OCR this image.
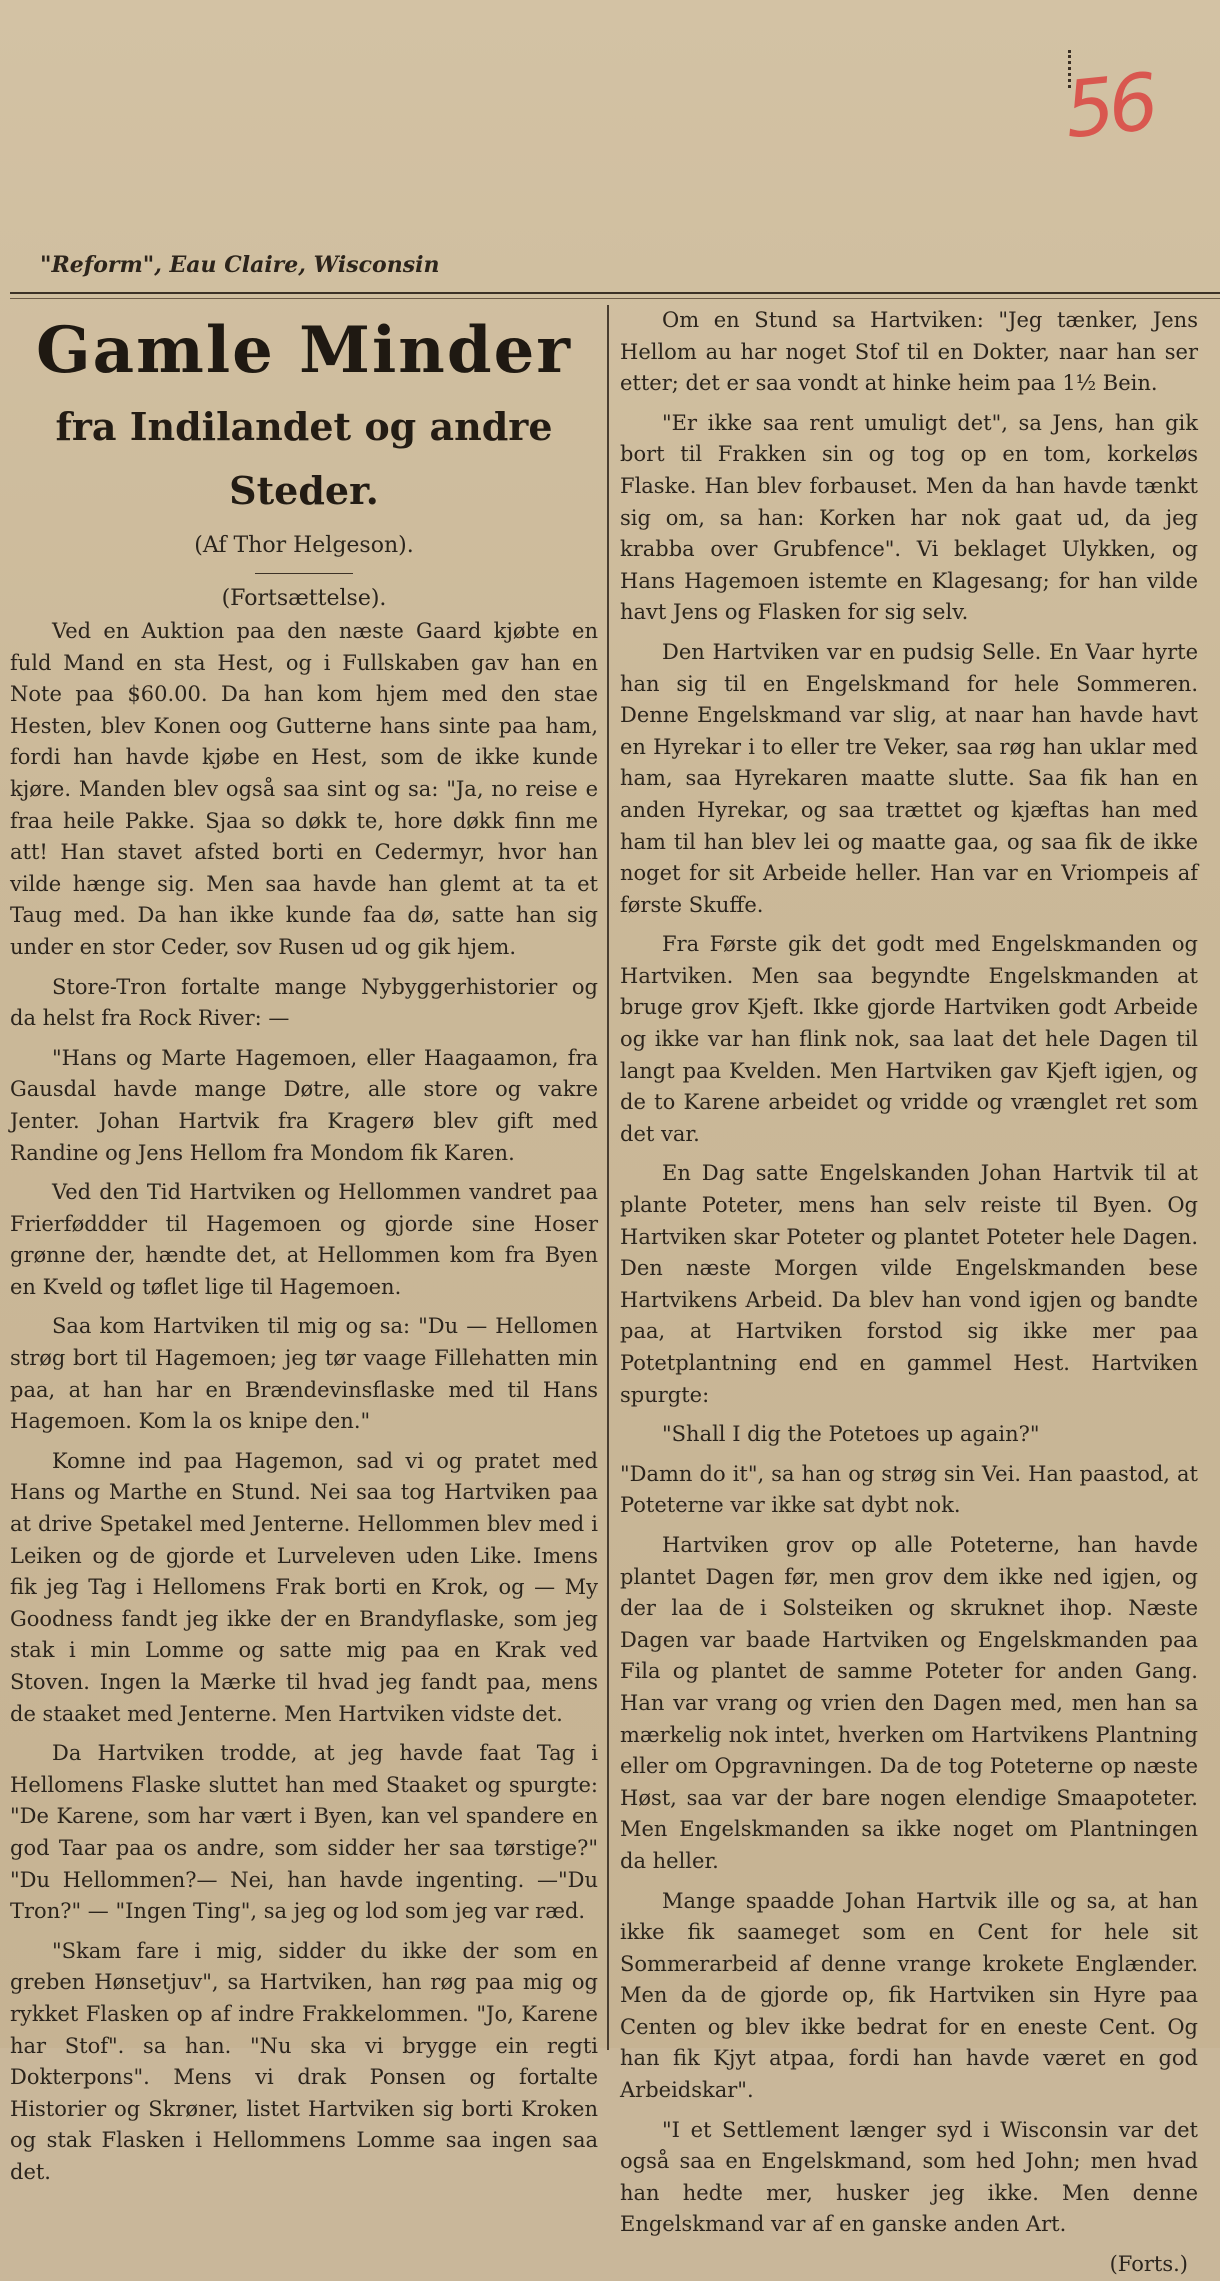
56
"Reform", Eau Claire, Wisconsin
Gamle Minder
fra Indilandet og andre Steder.
(Af Thor Helgeson).
(Fortsættelse).

Ved en Auktion paa den næste Gaard kjøbte en fuld Mand en sta Hest, og i Fullskaben gav han en Note paa $60.00. Da han kom hjem med den stae Hesten, blev Konen oog Gutterne hans sinte paa ham, fordi han havde kjøbe en Hest, som de ikke kunde kjøre. Manden blev også saa sint og sa: "Ja, no reise e fraa heile Pakke. Sjaa so døkk te, hore døkk finn me att! Han stavet afsted borti en Cedermyr, hvor han vilde hænge sig. Men saa havde han glemt at ta et Taug med. Da han ikke kunde faa dø, satte han sig under en stor Ceder, sov Rusen ud og gik hjem.

Store-Tron fortalte mange Nybyggerhistorier og da helst fra Rock River: —

"Hans og Marte Hagemoen, eller Haagaamon, fra Gausdal havde mange Døtre, alle store og vakre Jenter. Johan Hartvik fra Kragerø blev gift med Randine og Jens Hellom fra Mondom fik Karen.

Ved den Tid Hartviken og Hellommen vandret paa Frierføddder til Hagemoen og gjorde sine Hoser grønne der, hændte det, at Hellommen kom fra Byen en Kveld og tøflet lige til Hagemoen.

Saa kom Hartviken til mig og sa: "Du — Hellomen strøg bort til Hagemoen; jeg tør vaage Fillehatten min paa, at han har en Brændevinsflaske med til Hans Hagemoen. Kom la os knipe den."

Komne ind paa Hagemon, sad vi og pratet med Hans og Marthe en Stund. Nei saa tog Hartviken paa at drive Spetakel med Jenterne. Hellommen blev med i Leiken og de gjorde et Lurveleven uden Like. Imens fik jeg Tag i Hellomens Frak borti en Krok, og — My Goodness fandt jeg ikke der en Brandyflaske, som jeg stak i min Lomme og satte mig paa en Krak ved Stoven. Ingen la Mærke til hvad jeg fandt paa, mens de staaket med Jenterne. Men Hartviken vidste det.

Da Hartviken trodde, at jeg havde faat Tag i Hellomens Flaske sluttet han med Staaket og spurgte: "De Karene, som har vært i Byen, kan vel spandere en god Taar paa os andre, som sidder her saa tørstige?" "Du Hellommen?— Nei, han havde ingenting. —"Du Tron?" — "Ingen Ting", sa jeg og lod som jeg var ræd.

"Skam fare i mig, sidder du ikke der som en greben Hønsetjuv", sa Hartviken, han røg paa mig og rykket Flasken op af indre Frakkelommen. "Jo, Karene har Stof". sa han. "Nu ska vi brygge ein regti Dokterpons". Mens vi drak Ponsen og fortalte Historier og Skrøner, listet Hartviken sig borti Kroken og stak Flasken i Hellommens Lomme saa ingen saa det.

Om en Stund sa Hartviken: "Jeg tænker, Jens Hellom au har noget Stof til en Dokter, naar han ser etter; det er saa vondt at hinke heim paa 1½ Bein.

"Er ikke saa rent umuligt det", sa Jens, han gik bort til Frakken sin og tog op en tom, korkeløs Flaske. Han blev forbauset. Men da han havde tænkt sig om, sa han: Korken har nok gaat ud, da jeg krabba over Grubfence". Vi beklaget Ulykken, og Hans Hagemoen istemte en Klagesang; for han vilde havt Jens og Flasken for sig selv.

Den Hartviken var en pudsig Selle. En Vaar hyrte han sig til en Engelskmand for hele Sommeren. Denne Engelskmand var slig, at naar han havde havt en Hyrekar i to eller tre Veker, saa røg han uklar med ham, saa Hyrekaren maatte slutte. Saa fik han en anden Hyrekar, og saa trættet og kjæftas han med ham til han blev lei og maatte gaa, og saa fik de ikke noget for sit Arbeide heller. Han var en Vriompeis af første Skuffe.

Fra Første gik det godt med Engelskmanden og Hartviken. Men saa begyndte Engelskmanden at bruge grov Kjeft. Ikke gjorde Hartviken godt Arbeide og ikke var han flink nok, saa laat det hele Dagen til langt paa Kvelden. Men Hartviken gav Kjeft igjen, og de to Karene arbeidet og vridde og vrænglet ret som det var.

En Dag satte Engelskanden Johan Hartvik til at plante Poteter, mens han selv reiste til Byen. Og Hartviken skar Poteter og plantet Poteter hele Dagen. Den næste Morgen vilde Engelskmanden bese Hartvikens Arbeid. Da blev han vond igjen og bandte paa, at Hartviken forstod sig ikke mer paa Potetplantning end en gammel Hest. Hartviken spurgte:

"Shall I dig the Potetoes up again?"

"Damn do it", sa han og strøg sin Vei. Han paastod, at Poteterne var ikke sat dybt nok.

Hartviken grov op alle Poteterne, han havde plantet Dagen før, men grov dem ikke ned igjen, og der laa de i Solsteiken og skruknet ihop. Næste Dagen var baade Hartviken og Engelskmanden paa Fila og plantet de samme Poteter for anden Gang. Han var vrang og vrien den Dagen med, men han sa mærkelig nok intet, hverken om Hartvikens Plantning eller om Opgravningen. Da de tog Poteterne op næste Høst, saa var der bare nogen elendige Smaapoteter. Men Engelskmanden sa ikke noget om Plantningen da heller.

Mange spaadde Johan Hartvik ille og sa, at han ikke fik saameget som en Cent for hele sit Sommerarbeid af denne vrange krokete Englænder. Men da de gjorde op, fik Hartviken sin Hyre paa Centen og blev ikke bedrat for en eneste Cent. Og han fik Kjyt atpaa, fordi han havde været en god Arbeidskar".

"I et Settlement længer syd i Wisconsin var det også saa en Engelskmand, som hed John; men hvad han hedte mer, husker jeg ikke. Men denne Engelskmand var af en ganske anden Art.

(Forts.)
